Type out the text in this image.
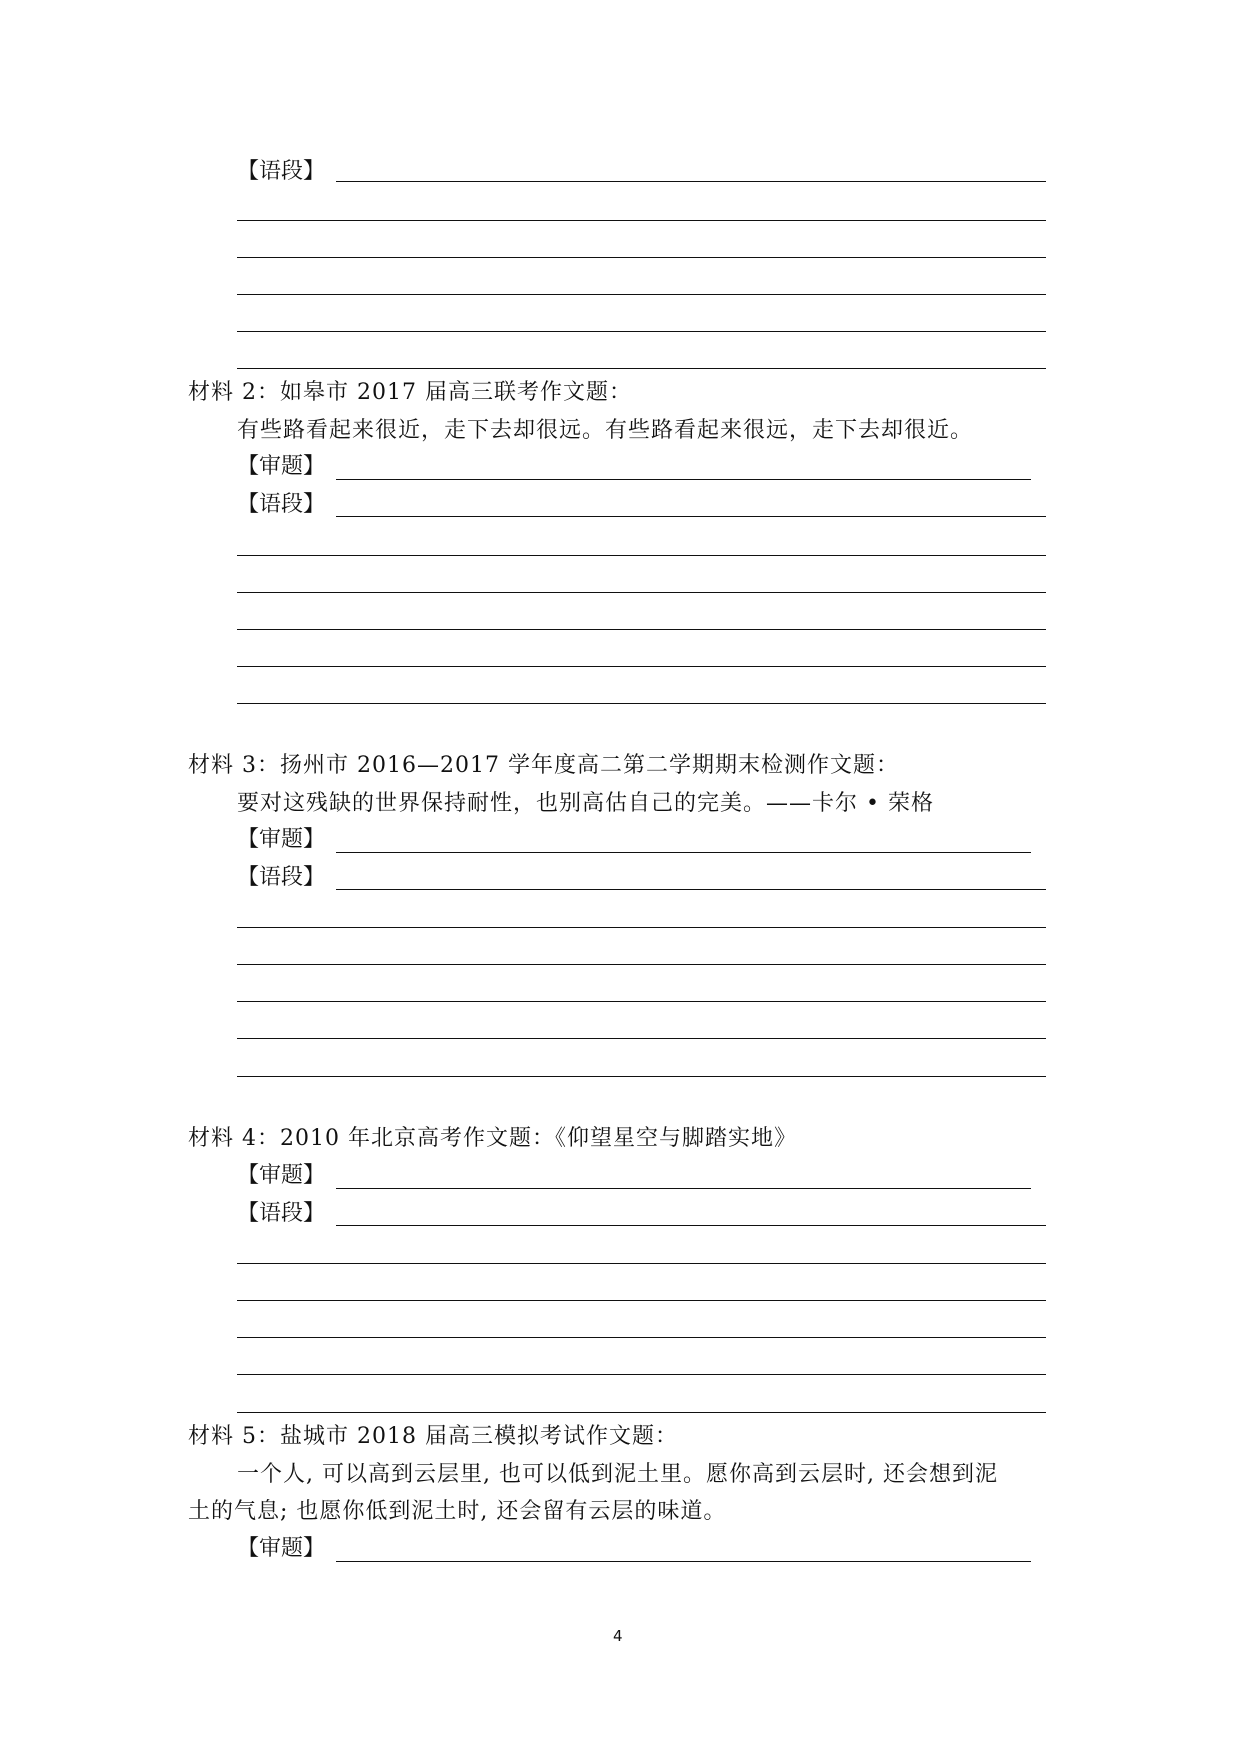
【语段】
材料 2：如皋市 2017 届高三联考作文题：
有些路看起来很近，走下去却很远。有些路看起来很远，走下去却很近。
【审题】
【语段】
材料 3：扬州市 2016—2017 学年度高二第二学期期末检测作文题：
要对这残缺的世界保持耐性，也别高估自己的完美。——卡尔 • 荣格
【审题】
【语段】
材料 4：2010 年北京高考作文题：《仰望星空与脚踏实地》
【审题】
【语段】
材料 5：盐城市 2018 届高三模拟考试作文题：
一个人, 可以高到云层里, 也可以低到泥土里。愿你高到云层时, 还会想到泥
土的气息; 也愿你低到泥土时, 还会留有云层的味道。
【审题】
4
